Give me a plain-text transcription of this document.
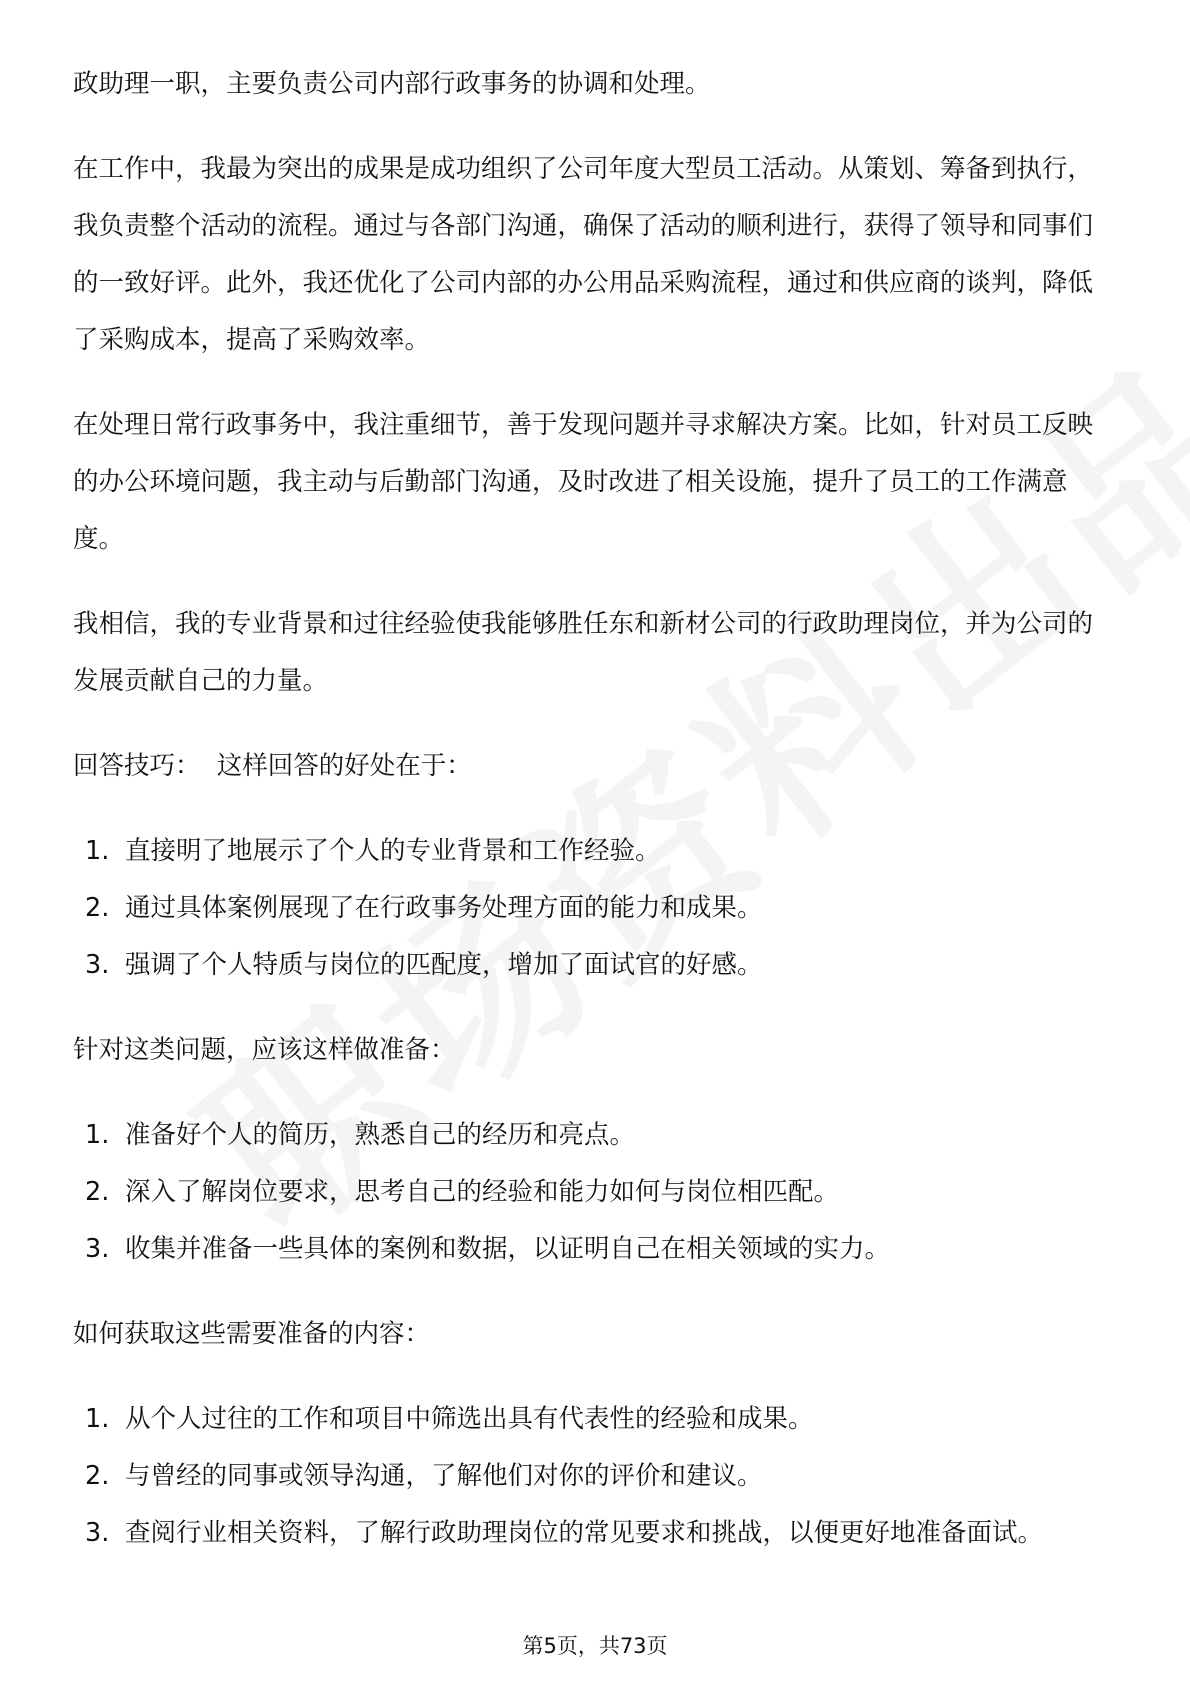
政助理一职，主要负责公司内部行政事务的协调和处理。

在工作中，我最为突出的成果是成功组织了公司年度大型员工活动。从策划、筹备到执行，我负责整个活动的流程。通过与各部门沟通，确保了活动的顺利进行，获得了领导和同事们的一致好评。此外，我还优化了公司内部的办公用品采购流程，通过和供应商的谈判，降低了采购成本，提高了采购效率。

在处理日常行政事务中，我注重细节，善于发现问题并寻求解决方案。比如，针对员工反映的办公环境问题，我主动与后勤部门沟通，及时改进了相关设施，提升了员工的工作满意度。

我相信，我的专业背景和过往经验使我能够胜任东和新材公司的行政助理岗位，并为公司的发展贡献自己的力量。

回答技巧：  这样回答的好处在于：

1. 直接明了地展示了个人的专业背景和工作经验。
2. 通过具体案例展现了在行政事务处理方面的能力和成果。
3. 强调了个人特质与岗位的匹配度，增加了面试官的好感。

针对这类问题，应该这样做准备：

1. 准备好个人的简历，熟悉自己的经历和亮点。
2. 深入了解岗位要求，思考自己的经验和能力如何与岗位相匹配。
3. 收集并准备一些具体的案例和数据，以证明自己在相关领域的实力。

如何获取这些需要准备的内容：

1. 从个人过往的工作和项目中筛选出具有代表性的经验和成果。
2. 与曾经的同事或领导沟通，了解他们对你的评价和建议。
3. 查阅行业相关资料，了解行政助理岗位的常见要求和挑战，以便更好地准备面试。
第5页，共73页
